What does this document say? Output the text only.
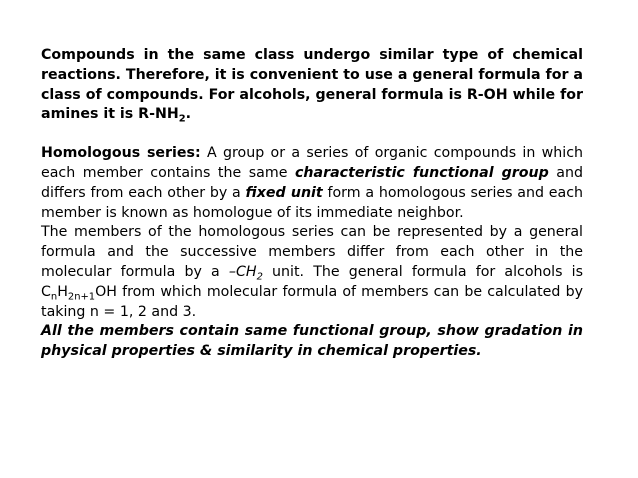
Compounds in the same class undergo similar type of chemical reactions. Therefore, it is convenient to use a general formula for a class of compounds. For alcohols, general formula is R-OH while for amines it is $R-NH_2$.

Homologous series: A group or a series of organic compounds in which each member contains the same characteristic functional group and differs from each other by a fixed unit form a homologous series and each member is known as homologue of its immediate neighbor.

The members of the homologous series can be represented by a general formula and the successive members differ from each other in the molecular formula by a $-CH_2$ unit. The general formula for alcohols is $C_nH_{2n+1}OH$ from which molecular formula of members can be calculated by taking n = 1, 2 and 3.

All the members contain same functional group, show gradation in physical properties & similarity in chemical properties.
